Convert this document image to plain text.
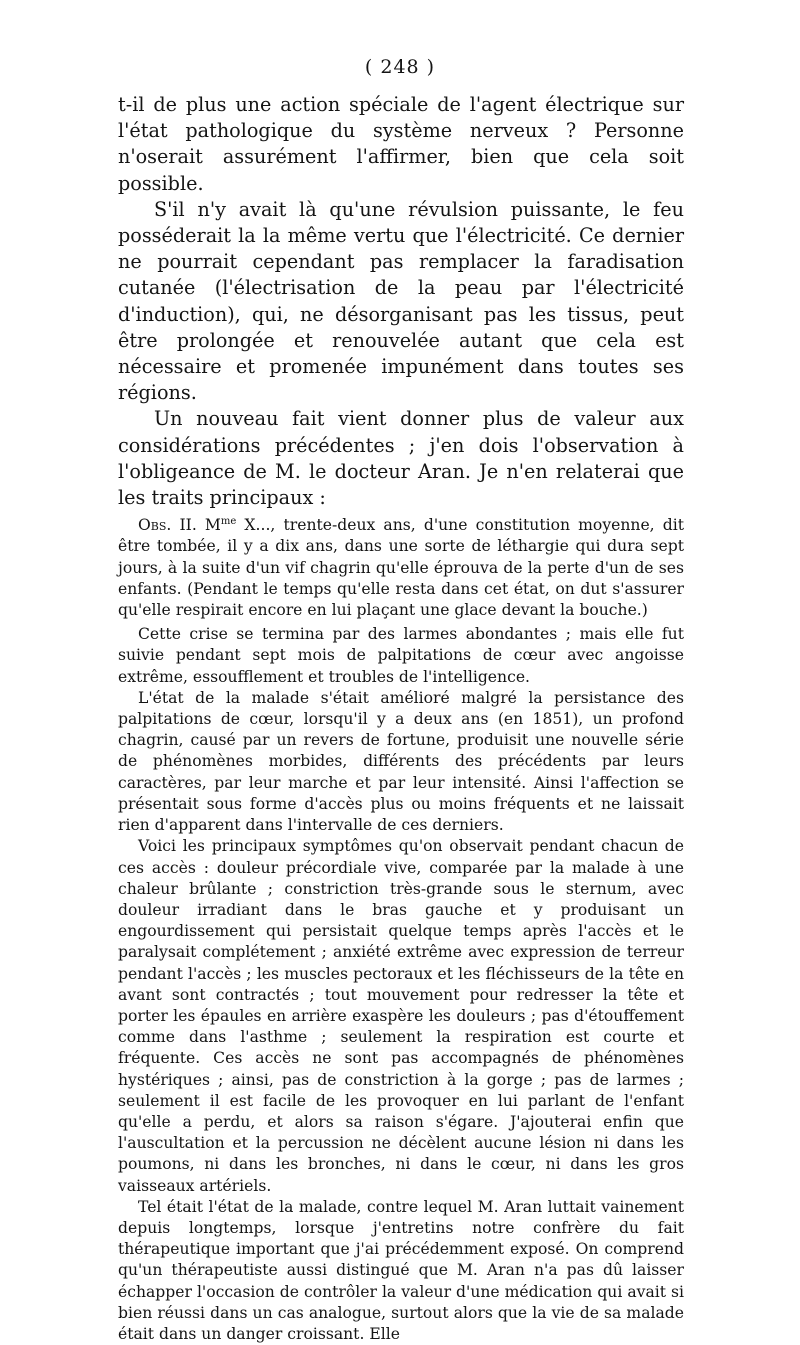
( 248 )

t-il de plus une action spéciale de l'agent électrique sur l'état pathologique du système nerveux ? Personne n'oserait assurément l'affirmer, bien que cela soit possible.

S'il n'y avait là qu'une révulsion puissante, le feu posséderait la la même vertu que l'électricité. Ce dernier ne pourrait cependant pas remplacer la faradisation cutanée (l'électrisation de la peau par l'électricité d'induction), qui, ne désorganisant pas les tissus, peut être prolongée et renouvelée autant que cela est nécessaire et promenée impunément dans toutes ses régions.

Un nouveau fait vient donner plus de valeur aux considérations précédentes ; j'en dois l'observation à l'obligeance de M. le docteur Aran. Je n'en relaterai que les traits principaux :

Obs. II. $M^{me}$ X..., trente-deux ans, d'une constitution moyenne, dit être tombée, il y a dix ans, dans une sorte de léthargie qui dura sept jours, à la suite d'un vif chagrin qu'elle éprouva de la perte d'un de ses enfants. (Pendant le temps qu'elle resta dans cet état, on dut s'assurer qu'elle respirait encore en lui plaçant une glace devant la bouche.)

Cette crise se termina par des larmes abondantes ; mais elle fut suivie pendant sept mois de palpitations de cœur avec angoisse extrême, essoufflement et troubles de l'intelligence.

L'état de la malade s'était amélioré malgré la persistance des palpitations de cœur, lorsqu'il y a deux ans (en 1851), un profond chagrin, causé par un revers de fortune, produisit une nouvelle série de phénomènes morbides, différents des précédents par leurs caractères, par leur marche et par leur intensité. Ainsi l'affection se présentait sous forme d'accès plus ou moins fréquents et ne laissait rien d'apparent dans l'intervalle de ces derniers.

Voici les principaux symptômes qu'on observait pendant chacun de ces accès : douleur précordiale vive, comparée par la malade à une chaleur brûlante ; constriction très-grande sous le sternum, avec douleur irradiant dans le bras gauche et y produisant un engourdissement qui persistait quelque temps après l'accès et le paralysait complétement ; anxiété extrême avec expression de terreur pendant l'accès ; les muscles pectoraux et les fléchisseurs de la tête en avant sont contractés ; tout mouvement pour redresser la tête et porter les épaules en arrière exaspère les douleurs ; pas d'étouffement comme dans l'asthme ; seulement la respiration est courte et fréquente. Ces accès ne sont pas accompagnés de phénomènes hystériques ; ainsi, pas de constriction à la gorge ; pas de larmes ; seulement il est facile de les provoquer en lui parlant de l'enfant qu'elle a perdu, et alors sa raison s'égare. J'ajouterai enfin que l'auscultation et la percussion ne décèlent aucune lésion ni dans les poumons, ni dans les bronches, ni dans le cœur, ni dans les gros vaisseaux artériels.

Tel était l'état de la malade, contre lequel M. Aran luttait vainement depuis longtemps, lorsque j'entretins notre confrère du fait thérapeutique important que j'ai précédemment exposé. On comprend qu'un thérapeutiste aussi distingué que M. Aran n'a pas dû laisser échapper l'occasion de contrôler la valeur d'une médication qui avait si bien réussi dans un cas analogue, surtout alors que la vie de sa malade était dans un danger croissant. Elle
